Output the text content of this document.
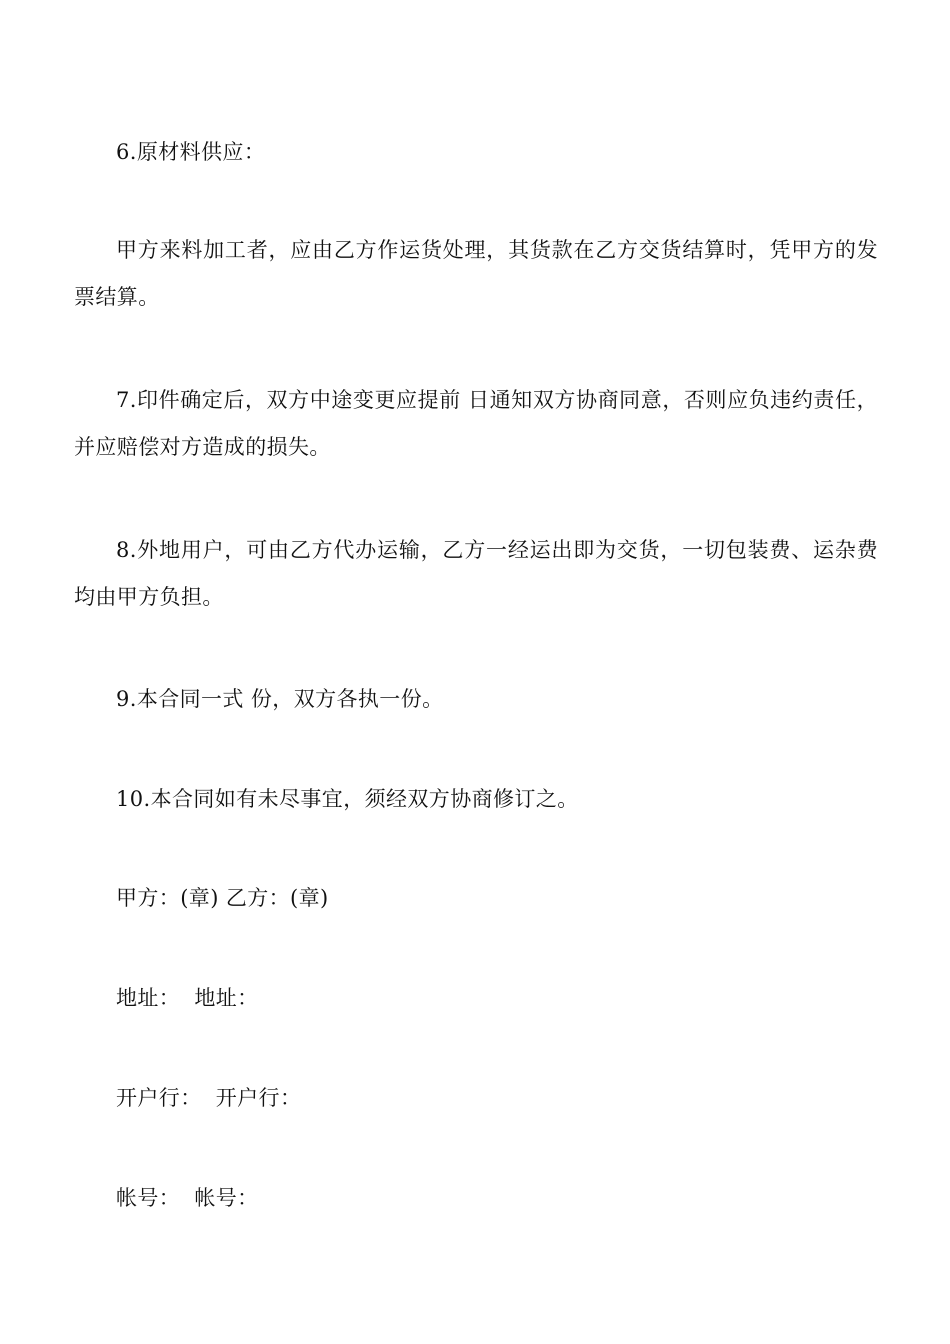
6.原材料供应：

甲方来料加工者，应由乙方作运货处理，其货款在乙方交货结算时，凭甲方的发票结算。

7.印件确定后，双方中途变更应提前 日通知双方协商同意，否则应负违约责任，并应赔偿对方造成的损失。

8.外地用户，可由乙方代办运输，乙方一经运出即为交货，一切包装费、运杂费均由甲方负担。

9.本合同一式 份，双方各执一份。

10.本合同如有未尽事宜，须经双方协商修订之。

甲方：(章) 乙方：(章)

地址：  地址：

开户行：  开户行：

帐号：  帐号：
